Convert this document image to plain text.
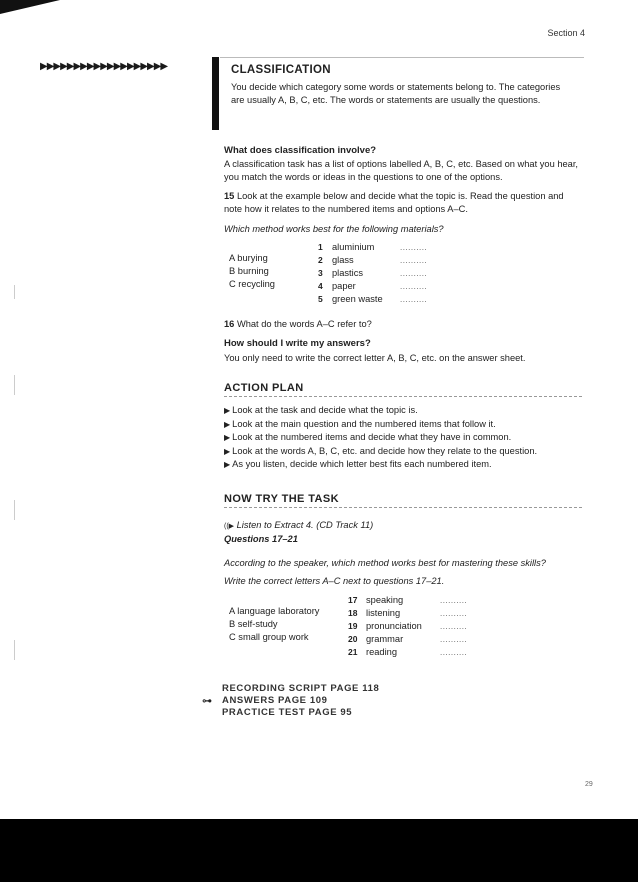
Section 4
▶▶▶▶▶▶▶▶▶▶▶▶▶▶▶▶▶▶▶	CLASSIFICATION
You decide which category some words or statements belong to. The categories are usually A, B, C, etc. The words or statements are usually the questions.
What does classification involve?
A classification task has a list of options labelled A, B, C, etc. Based on what you hear, you match the words or ideas in the questions to one of the options.
15 Look at the example below and decide what the topic is. Read the question and note how it relates to the numbered items and options A–C.
Which method works best for the following materials?
A burying
B burning
C recycling
1 aluminium	..........
2 glass	..........
3 plastics	..........
4 paper	..........
5 green waste ..........
16 What do the words A–C refer to?
How should I write my answers?
You only need to write the correct letter A, B, C, etc. on the answer sheet.
ACTION PLAN
▶ Look at the task and decide what the topic is.
▶ Look at the main question and the numbered items that follow it.
▶ Look at the numbered items and decide what they have in common.
▶ Look at the words A, B, C, etc. and decide how they relate to the question.
▶ As you listen, decide which letter best fits each numbered item.
NOW TRY THE TASK
((▶ Listen to Extract 4. (CD Track 11)
Questions 17–21
According to the speaker, which method works best for mastering these skills?
Write the correct letters A–C next to questions 17–21.
A language laboratory
B self-study
C small group work
17 speaking	..........
18 listening	..........
19 pronunciation ..........
20 grammar	..........
21 reading	..........
⊶
RECORDING SCRIPT PAGE 118
ANSWERS PAGE 109
PRACTICE TEST PAGE 95
29
